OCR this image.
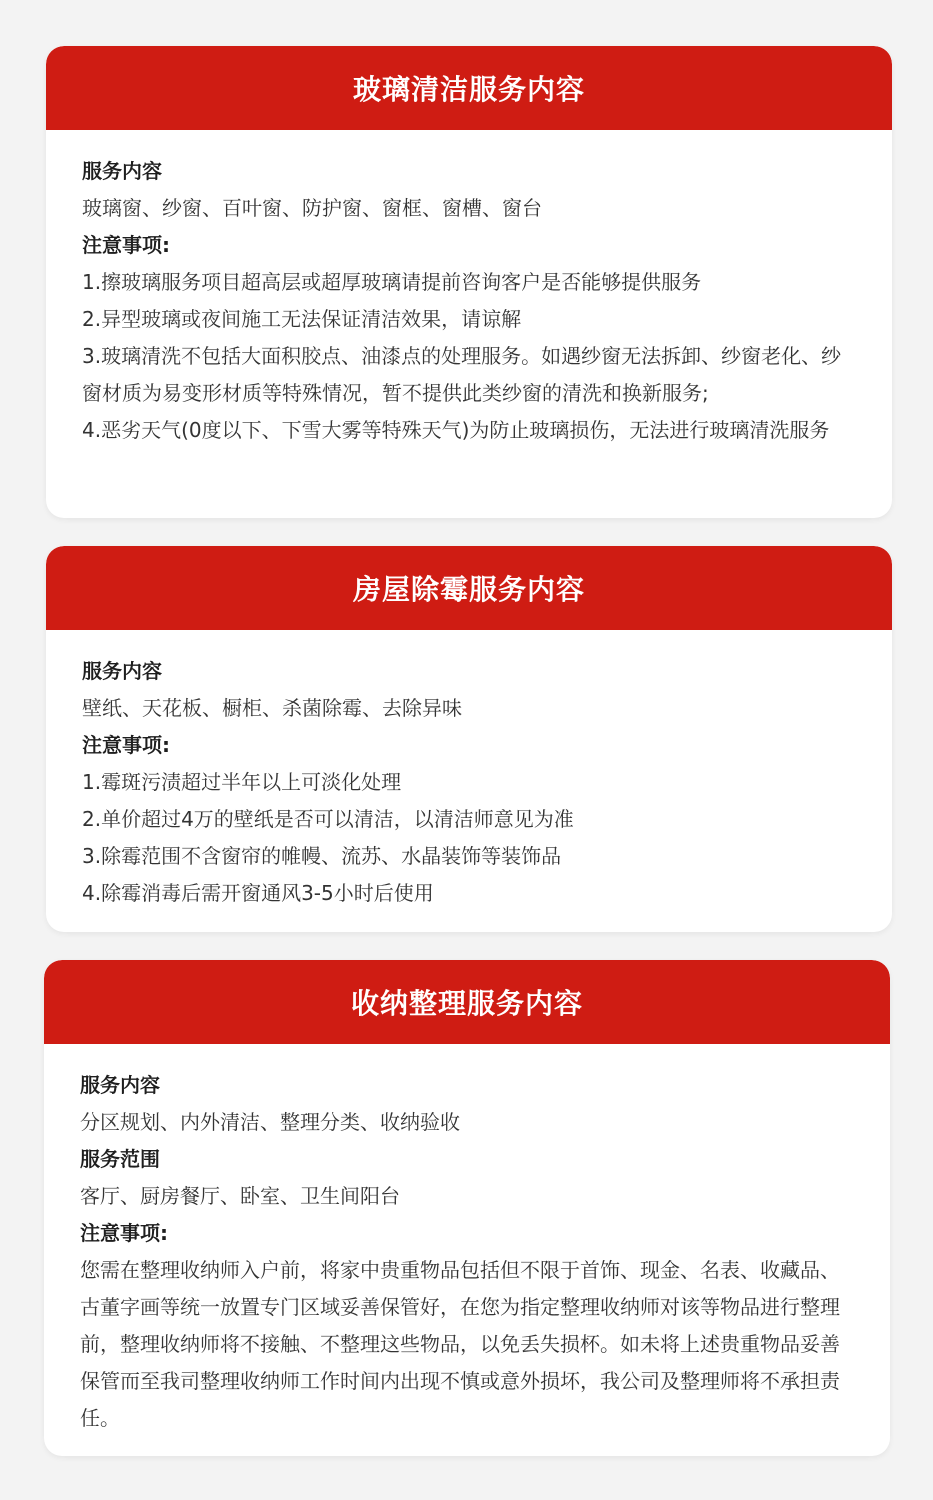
玻璃清洁服务内容

服务内容

玻璃窗、纱窗、百叶窗、防护窗、窗框、窗槽、窗台

注意事项:

1.擦玻璃服务项目超高层或超厚玻璃请提前咨询客户是否能够提供服务

2.异型玻璃或夜间施工无法保证清洁效果，请谅解

3.玻璃清洗不包括大面积胶点、油漆点的处理服务。如遇纱窗无法拆卸、纱窗老化、纱窗材质为易变形材质等特殊情况，暂不提供此类纱窗的清洗和换新服务;

4.恶劣天气(0度以下、下雪大雾等特殊天气)为防止玻璃损伤，无法进行玻璃清洗服务

房屋除霉服务内容

服务内容

壁纸、天花板、橱柜、杀菌除霉、去除异味

注意事项:

1.霉斑污渍超过半年以上可淡化处理

2.单价超过4万的壁纸是否可以清洁，以清洁师意见为准

3.除霉范围不含窗帘的帷幔、流苏、水晶装饰等装饰品

4.除霉消毒后需开窗通风3-5小时后使用

收纳整理服务内容

服务内容

分区规划、内外清洁、整理分类、收纳验收

服务范围

客厅、厨房餐厅、卧室、卫生间阳台

注意事项:

您需在整理收纳师入户前，将家中贵重物品包括但不限于首饰、现金、名表、收藏品、古董字画等统一放置专门区域妥善保管好，在您为指定整理收纳师对该等物品进行整理前，整理收纳师将不接触、不整理这些物品，以免丢失损杯。如未将上述贵重物品妥善保管而至我司整理收纳师工作时间内出现不慎或意外损坏，我公司及整理师将不承担责任。
